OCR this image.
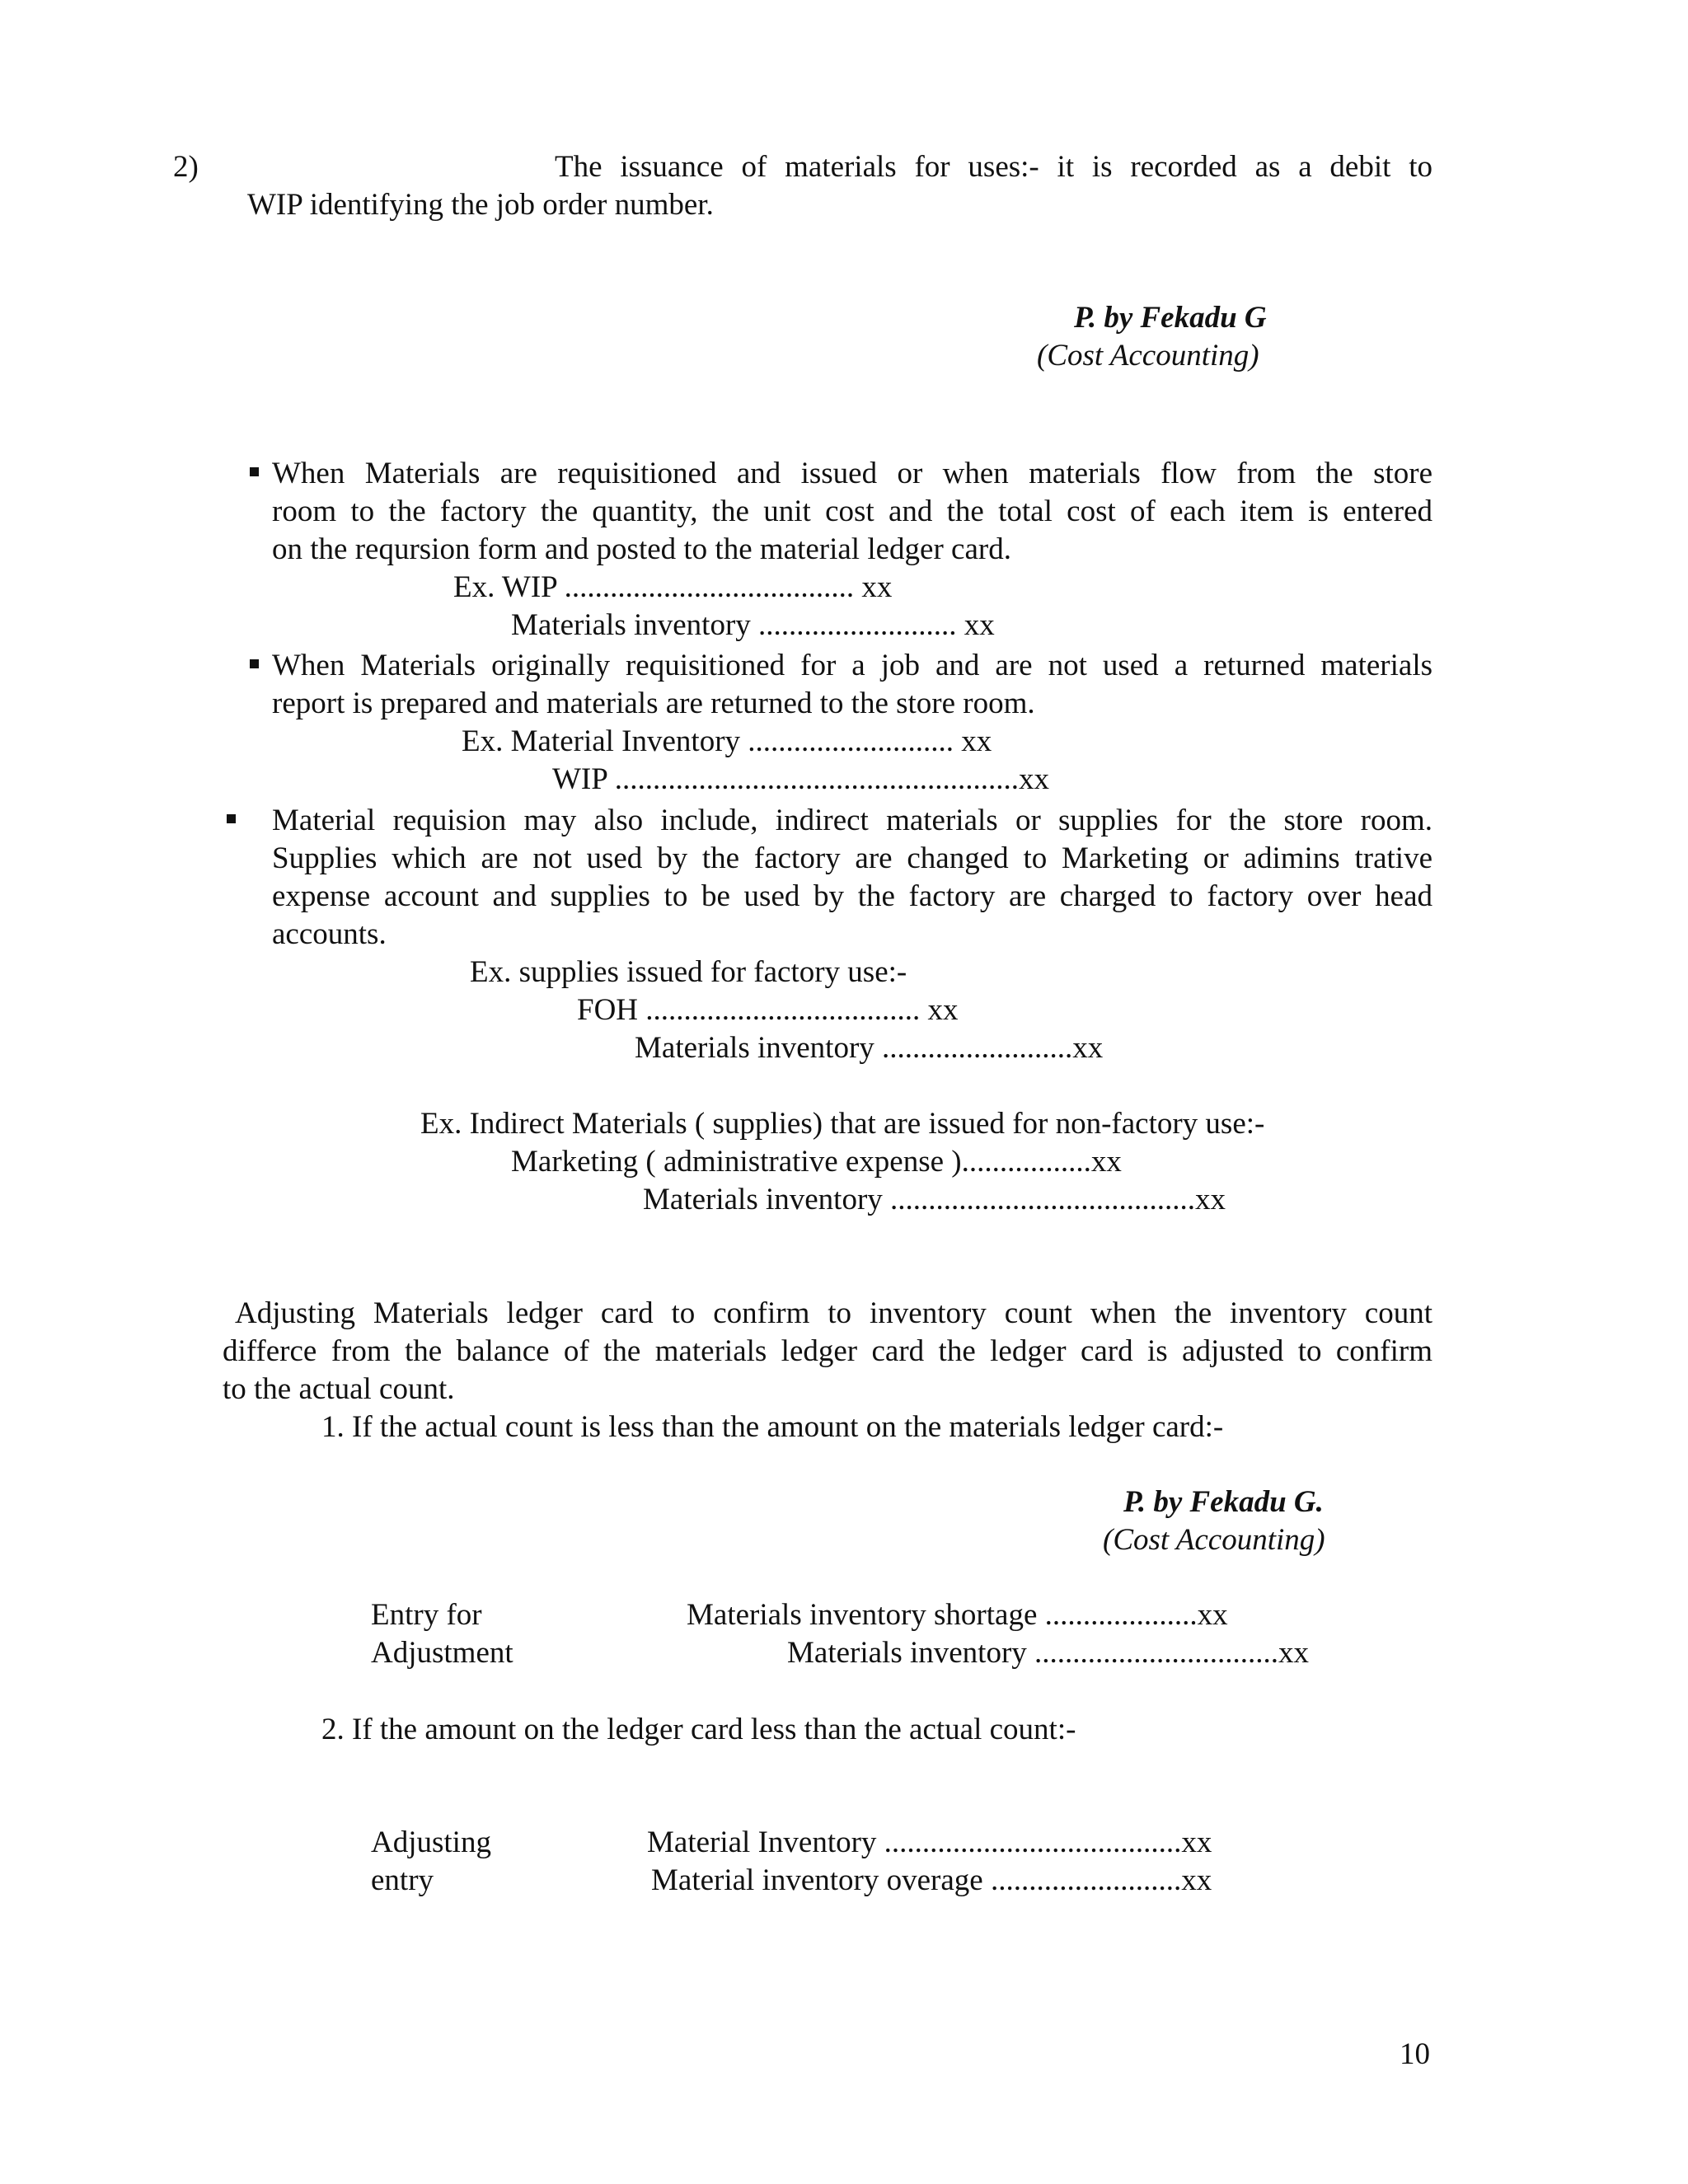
2)	The issuance of materials for uses:- it is recorded as a debit to
WIP identifying the job order number.
P. by Fekadu G
(Cost Accounting)
When Materials are requisitioned and issued or when materials flow from the store
room to the factory the quantity, the unit cost and the total cost of each item is entered
on the reqursion form and posted to the material ledger card.
Ex. WIP ...................................... xx
Materials inventory .......................... xx
When Materials originally requisitioned for a job and are not used a returned materials
report is prepared and materials are returned to the store room.
Ex. Material Inventory ........................... xx
WIP .....................................................xx
Material requision may also include, indirect materials or supplies for the store room.
Supplies which are not used by the factory are changed to Marketing or adimins trative
expense account and supplies to be used by the factory are charged to factory over head
accounts.
Ex. supplies issued for factory use:-
FOH .................................... xx
Materials inventory .........................xx
Ex. Indirect Materials ( supplies) that are issued for non-factory use:-
Marketing ( administrative expense ).................xx
Materials inventory ........................................xx
Adjusting Materials ledger card to confirm to inventory count when the inventory count
differce from the balance of the materials ledger card the ledger card is adjusted to confirm
to the actual count.
1. If the actual count is less than the amount on the materials ledger card:-
P. by Fekadu G.
(Cost Accounting)
Entry for
Adjustment
Materials inventory shortage ....................xx
Materials inventory ................................xx
2. If the amount on the ledger card less than the actual count:-
Adjusting
entry
Material Inventory .......................................xx
Material inventory overage .........................xx
10
